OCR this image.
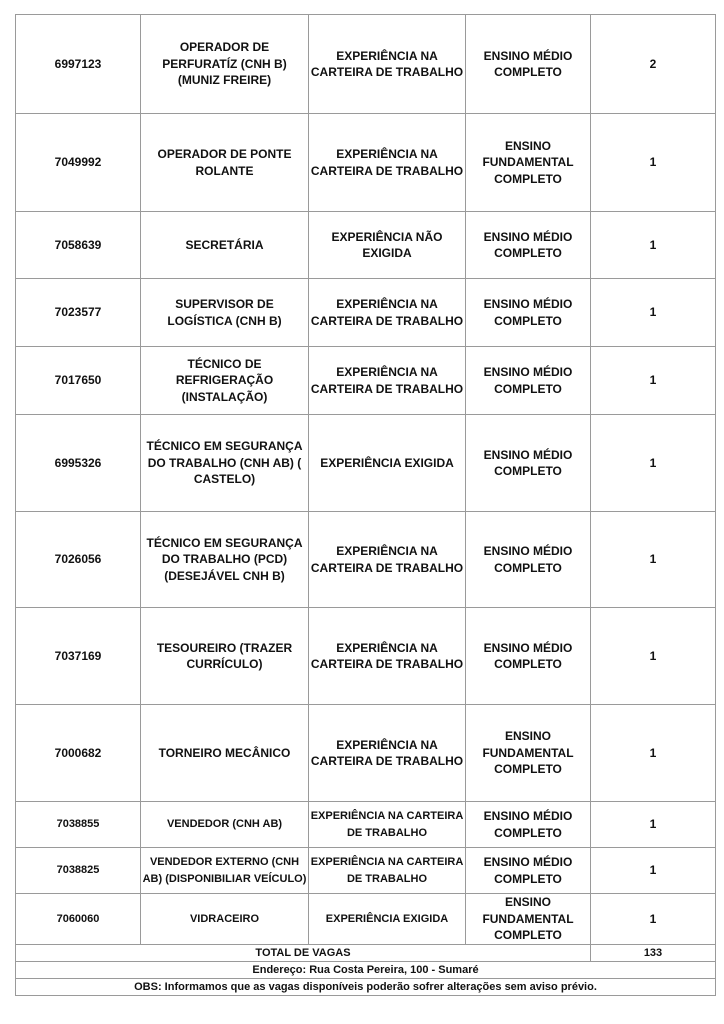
6997123	OPERADOR DE PERFURATÍZ (CNH B) (MUNIZ FREIRE)	EXPERIÊNCIA NA CARTEIRA DE TRABALHO	ENSINO MÉDIO COMPLETO	2
7049992	OPERADOR DE PONTE ROLANTE	EXPERIÊNCIA NA CARTEIRA DE TRABALHO	ENSINO FUNDAMENTAL COMPLETO	1
7058639	SECRETÁRIA	EXPERIÊNCIA NÃO EXIGIDA	ENSINO MÉDIO COMPLETO	1
7023577	SUPERVISOR DE LOGÍSTICA (CNH B)	EXPERIÊNCIA NA CARTEIRA DE TRABALHO	ENSINO MÉDIO COMPLETO	1
7017650	TÉCNICO DE REFRIGERAÇÃO (INSTALAÇÃO)	EXPERIÊNCIA NA CARTEIRA DE TRABALHO	ENSINO MÉDIO COMPLETO	1
6995326	TÉCNICO EM SEGURANÇA DO TRABALHO (CNH AB) ( CASTELO)	EXPERIÊNCIA EXIGIDA	ENSINO MÉDIO COMPLETO	1
7026056	TÉCNICO EM SEGURANÇA DO TRABALHO (PCD) (DESEJÁVEL CNH B)	EXPERIÊNCIA NA CARTEIRA DE TRABALHO	ENSINO MÉDIO COMPLETO	1
7037169	TESOUREIRO (TRAZER CURRÍCULO)	EXPERIÊNCIA NA CARTEIRA DE TRABALHO	ENSINO MÉDIO COMPLETO	1
7000682	TORNEIRO MECÂNICO	EXPERIÊNCIA NA CARTEIRA DE TRABALHO	ENSINO FUNDAMENTAL COMPLETO	1
7038855	VENDEDOR (CNH AB)	EXPERIÊNCIA NA CARTEIRA DE TRABALHO	ENSINO MÉDIO COMPLETO	1
7038825	VENDEDOR EXTERNO (CNH AB) (DISPONIBILIAR VEÍCULO)	EXPERIÊNCIA NA CARTEIRA DE TRABALHO	ENSINO MÉDIO COMPLETO	1
7060060	VIDRACEIRO	EXPERIÊNCIA EXIGIDA	ENSINO FUNDAMENTAL COMPLETO	1
TOTAL DE VAGAS				133
Endereço: Rua Costa Pereira, 100 - Sumaré				
OBS: Informamos que as vagas disponíveis poderão sofrer alterações sem aviso prévio.				
